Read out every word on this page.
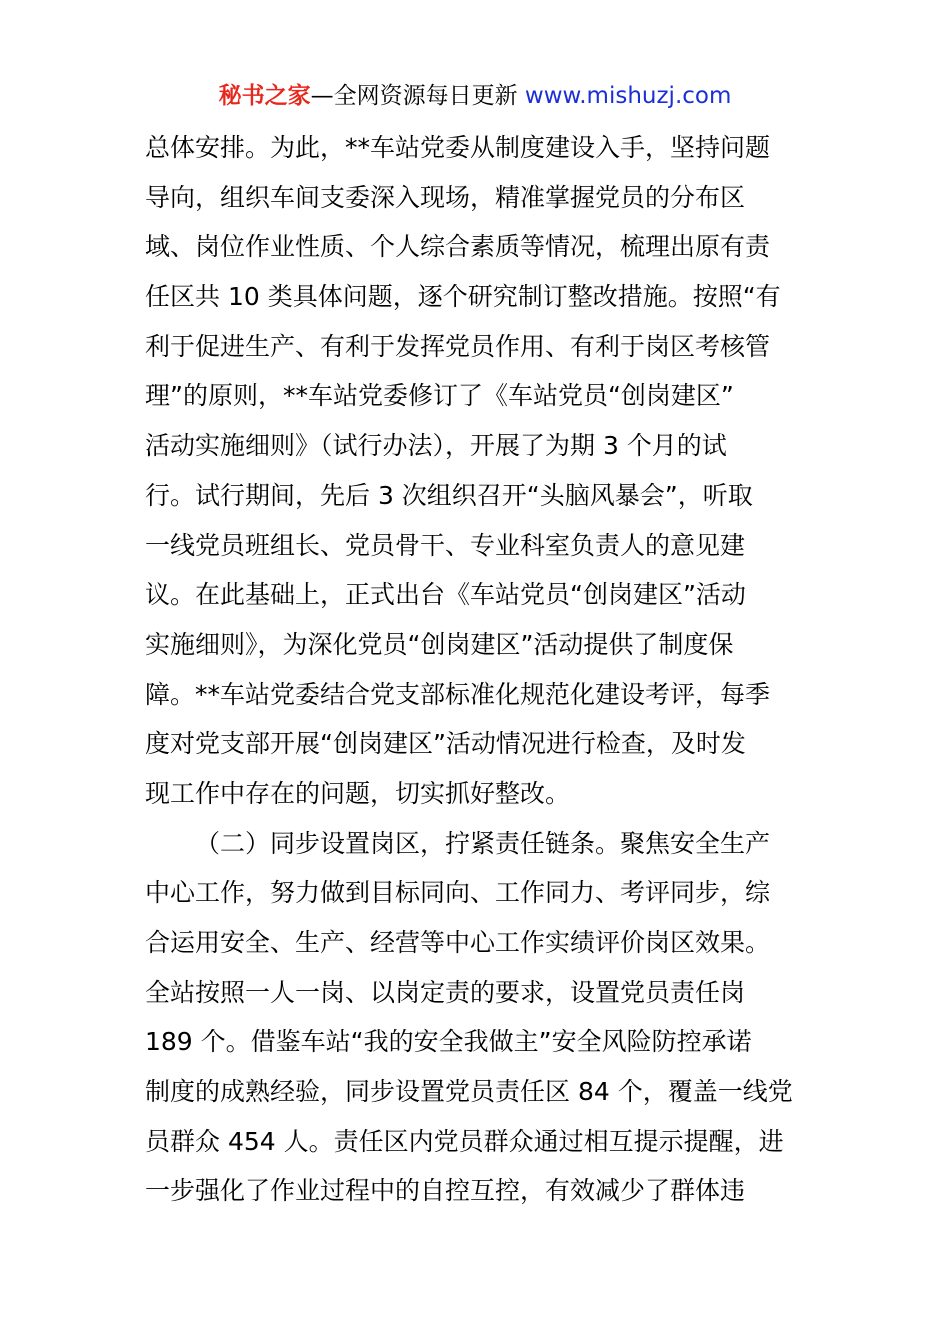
秘书之家—全网资源每日更新 www.mishuzj.com
总体安排。为此，**车站党委从制度建设入手，坚持问题
导向，组织车间支委深入现场，精准掌握党员的分布区
域、岗位作业性质、个人综合素质等情况，梳理出原有责
任区共 10 类具体问题，逐个研究制订整改措施。按照“有
利于促进生产、有利于发挥党员作用、有利于岗区考核管
理”的原则，**车站党委修订了《车站党员“创岗建区”
活动实施细则》（试行办法），开展了为期 3 个月的试
行。试行期间，先后 3 次组织召开“头脑风暴会”，听取
一线党员班组长、党员骨干、专业科室负责人的意见建
议。在此基础上，正式出台《车站党员“创岗建区”活动
实施细则》，为深化党员“创岗建区”活动提供了制度保
障。**车站党委结合党支部标准化规范化建设考评，每季
度对党支部开展“创岗建区”活动情况进行检查，及时发
现工作中存在的问题，切实抓好整改。
（二）同步设置岗区，拧紧责任链条。聚焦安全生产
中心工作，努力做到目标同向、工作同力、考评同步，综
合运用安全、生产、经营等中心工作实绩评价岗区效果。
全站按照一人一岗、以岗定责的要求，设置党员责任岗
189 个。借鉴车站“我的安全我做主”安全风险防控承诺
制度的成熟经验，同步设置党员责任区 84 个，覆盖一线党
员群众 454 人。责任区内党员群众通过相互提示提醒，进
一步强化了作业过程中的自控互控，有效减少了群体违
